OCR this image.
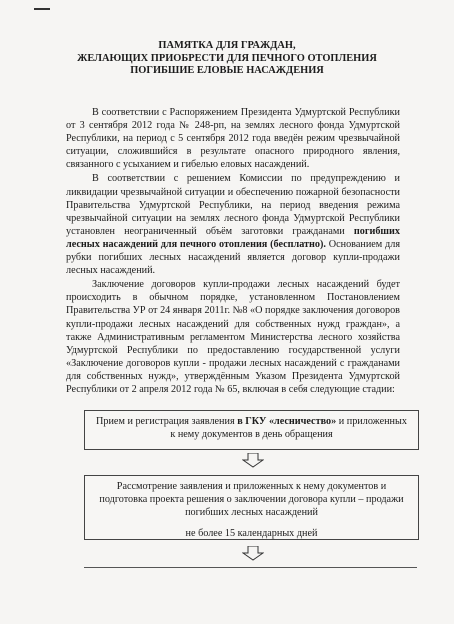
ПАМЯТКА ДЛЯ ГРАЖДАН,
ЖЕЛАЮЩИХ ПРИОБРЕСТИ ДЛЯ ПЕЧНОГО ОТОПЛЕНИЯ
ПОГИБШИЕ ЕЛОВЫЕ НАСАЖДЕНИЯ

В соответствии с Распоряжением Президента Удмуртской Республики от 3 сентября 2012 года № 248-рп, на землях лесного фонда Удмуртской Республики, на период с 5 сентября 2012 года введён режим чрезвычайной ситуации, сложившийся в результате опасного природного явления, связанного с усыханием и гибелью еловых насаждений.

В соответствии с решением Комиссии по предупреждению и ликвидации чрезвычайной ситуации и обеспечению пожарной безопасности Правительства Удмуртской Республики, на период введения режима чрезвычайной ситуации на землях лесного фонда Удмуртской Республики установлен неограниченный объём заготовки гражданами погибших лесных насаждений для печного отопления (бесплатно). Основанием для рубки погибших лесных насаждений является договор купли-продажи лесных насаждений.

Заключение договоров купли-продажи лесных насаждений будет происходить в обычном порядке, установленном Постановлением Правительства УР от 24 января 2011г. №8 «О порядке заключения договоров купли-продажи лесных насаждений для собственных нужд граждан», а также Административным регламентом Министерства лесного хозяйства Удмуртской Республики по предоставлению государственной услуги «Заключение договоров купли - продажи лесных насаждений с гражданами для собственных нужд», утверждённым Указом Президента Удмуртской Республики от 2 апреля 2012 года № 65, включая в себя следующие стадии:

Прием и регистрация заявления в ГКУ «лесничество» и приложенных к нему документов в день обращения
Рассмотрение заявления и приложенных к нему документов и подготовка проекта решения о заключении договора купли – продажи погибших лесных насаждений
не более 15 календарных дней
